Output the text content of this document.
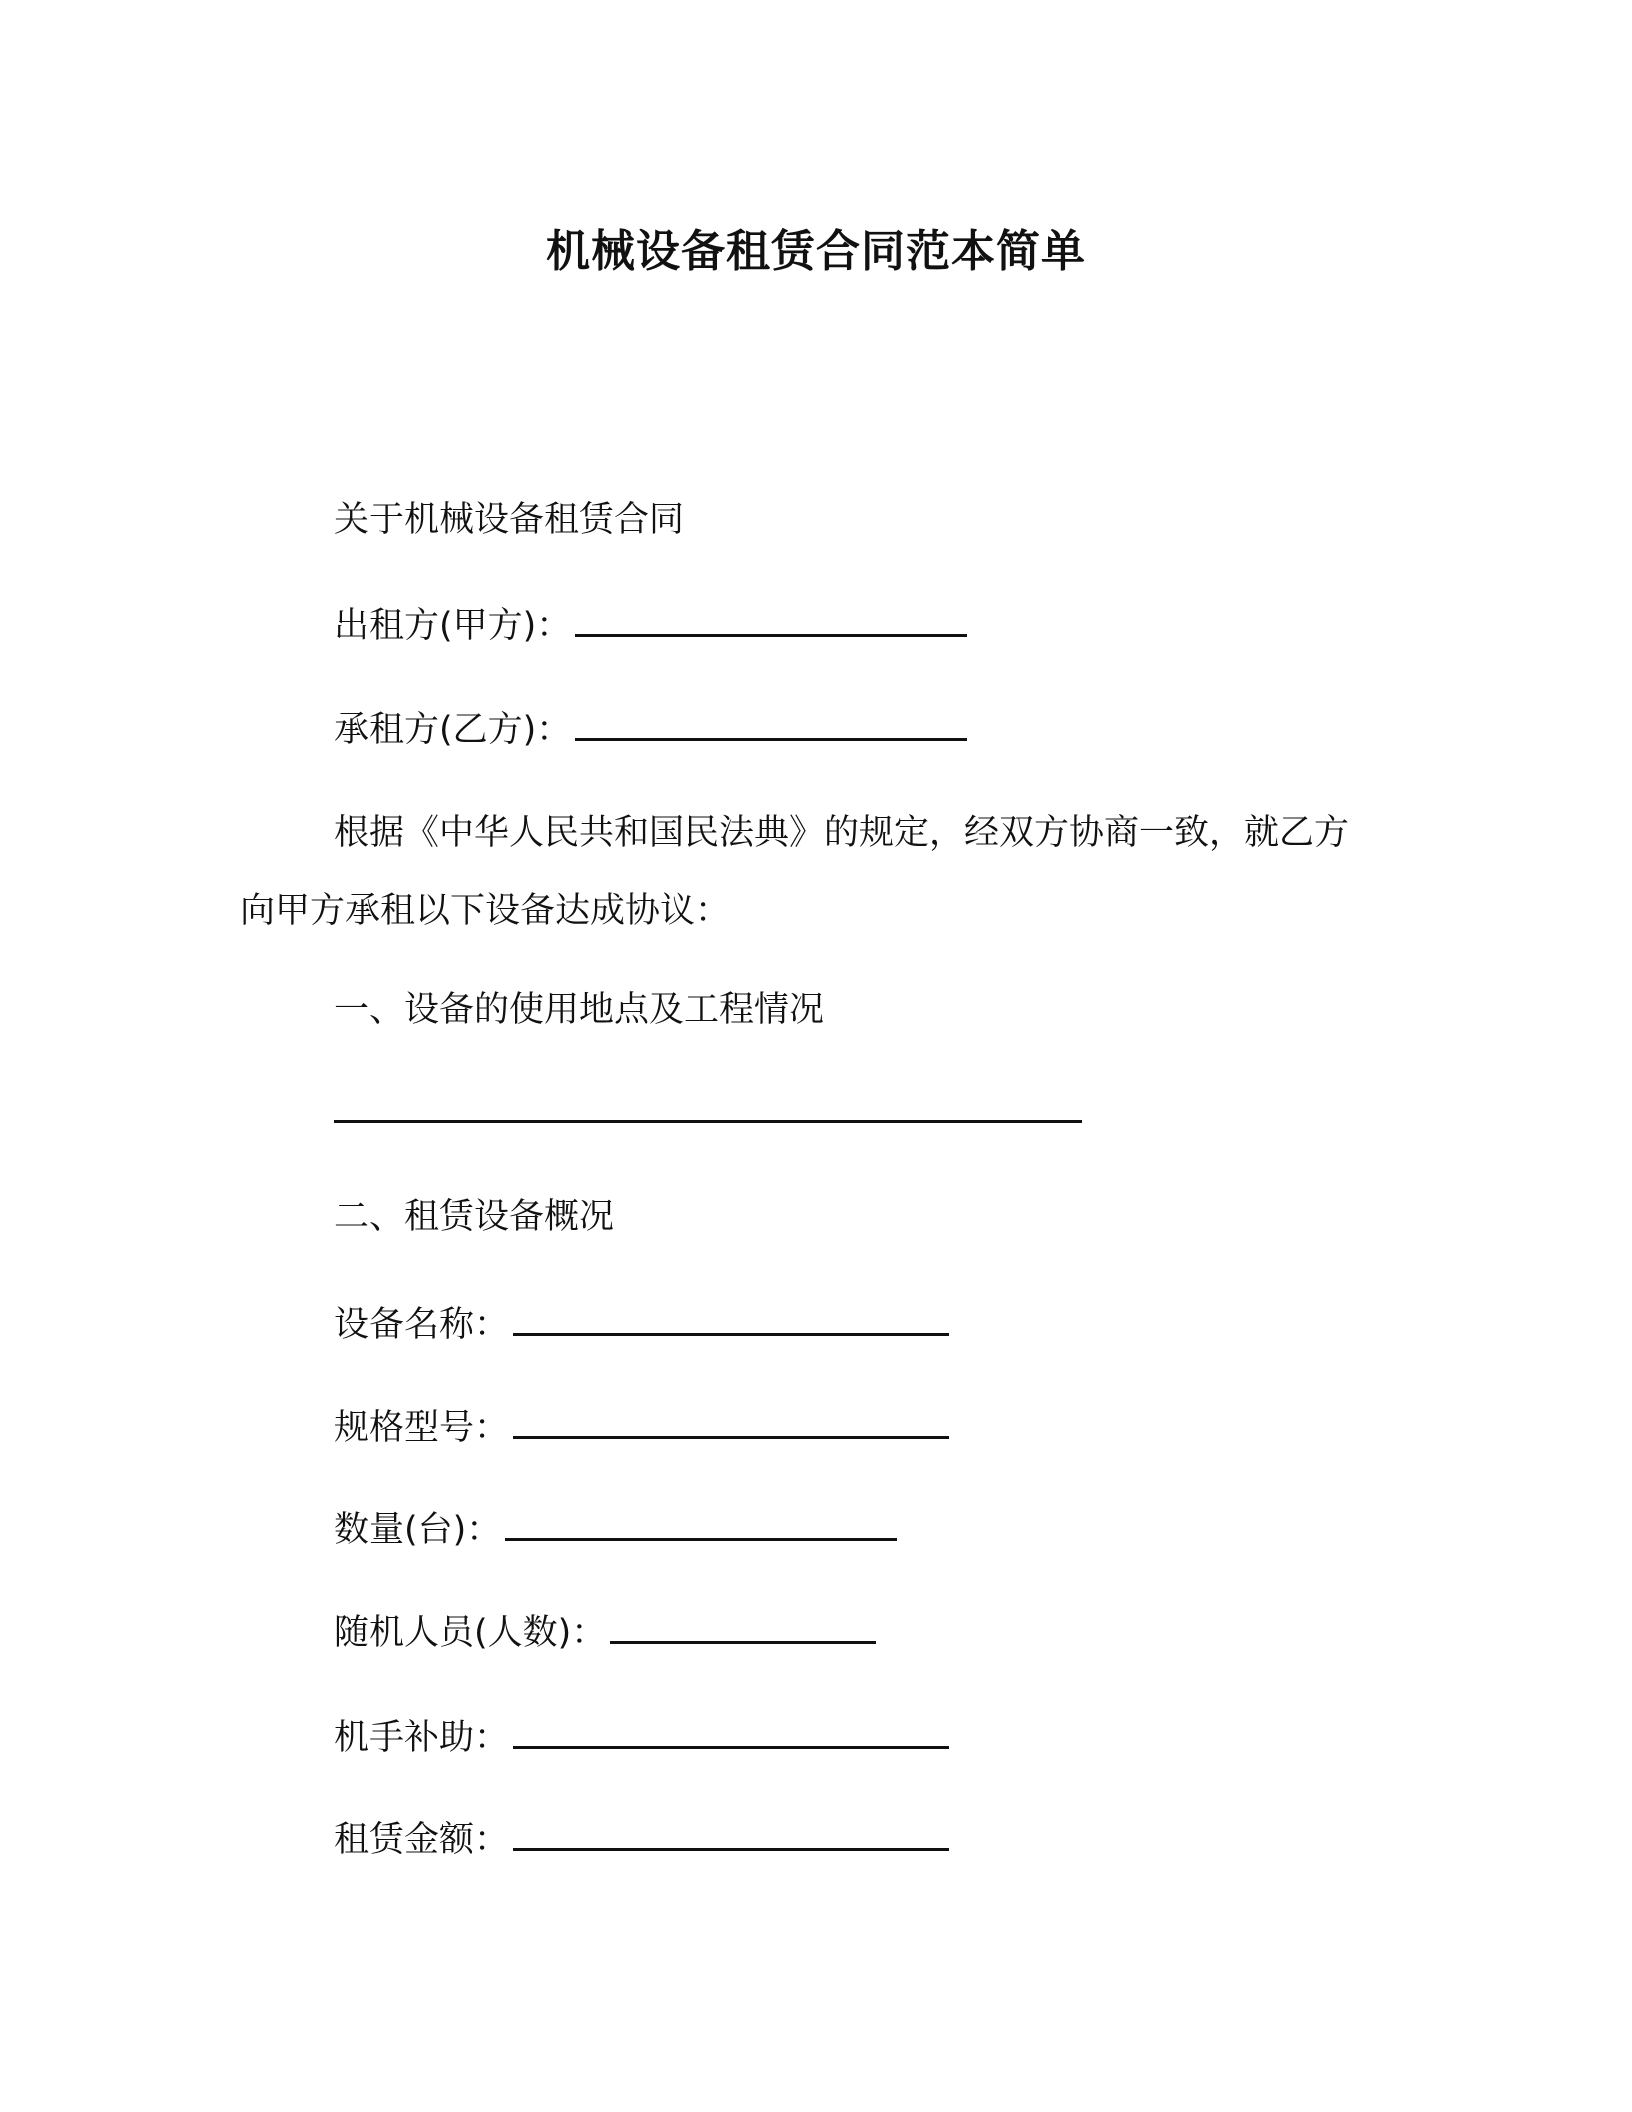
机械设备租赁合同范本简单
关于机械设备租赁合同
出租方(甲方)：
承租方(乙方)：
根据《中华人民共和国民法典》的规定，经双方协商一致，就乙方向甲方承租以下设备达成协议：
一、设备的使用地点及工程情况
二、租赁设备概况
设备名称：
规格型号：
数量(台)：
随机人员(人数)：
机手补助：
租赁金额：
